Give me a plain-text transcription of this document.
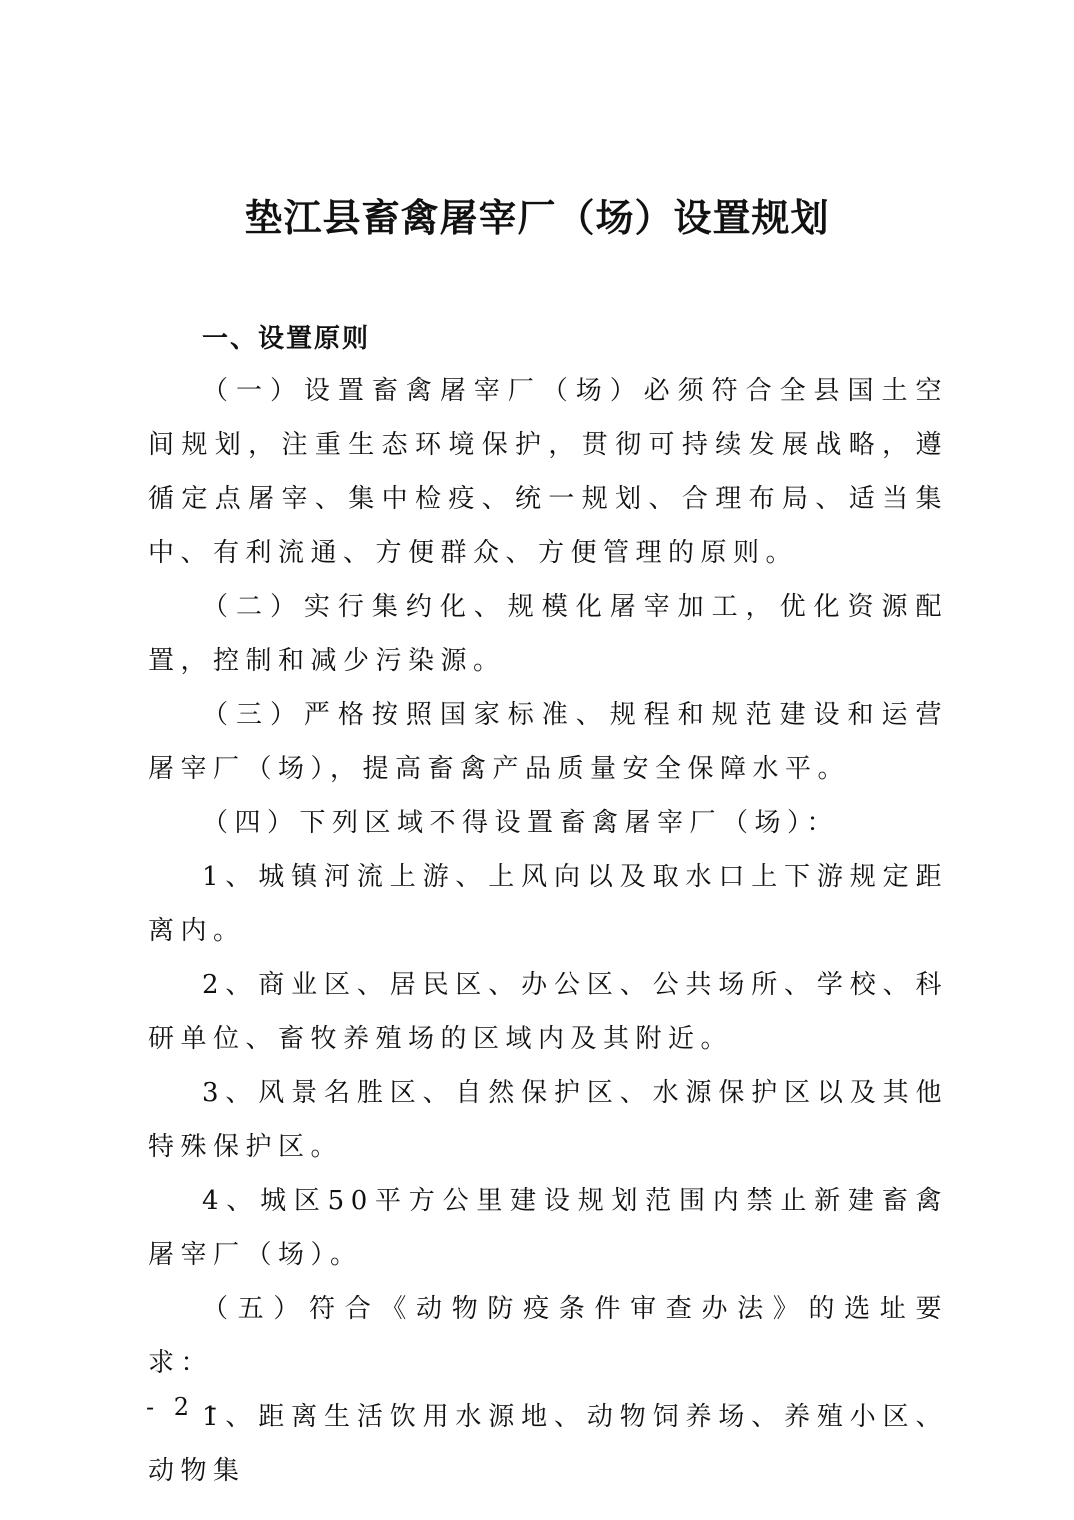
垫江县畜禽屠宰厂（场）设置规划
一、设置原则

（一）设置畜禽屠宰厂（场）必须符合全县国土空间规划，注重生态环境保护，贯彻可持续发展战略，遵循定点屠宰、集中检疫、统一规划、合理布局、适当集中、有利流通、方便群众、方便管理的原则。

（二）实行集约化、规模化屠宰加工，优化资源配置，控制和减少污染源。

（三）严格按照国家标准、规程和规范建设和运营屠宰厂（场），提高畜禽产品质量安全保障水平。

（四）下列区域不得设置畜禽屠宰厂（场）：

1、城镇河流上游、上风向以及取水口上下游规定距离内。

2、商业区、居民区、办公区、公共场所、学校、科研单位、畜牧养殖场的区域内及其附近。

3、风景名胜区、自然保护区、水源保护区以及其他特殊保护区。

4、城区50平方公里建设规划范围内禁止新建畜禽屠宰厂（场）。

（五）符合《动物防疫条件审查办法》的选址要求：

1、距离生活饮用水源地、动物饲养场、养殖小区、动物集

- 2 -
